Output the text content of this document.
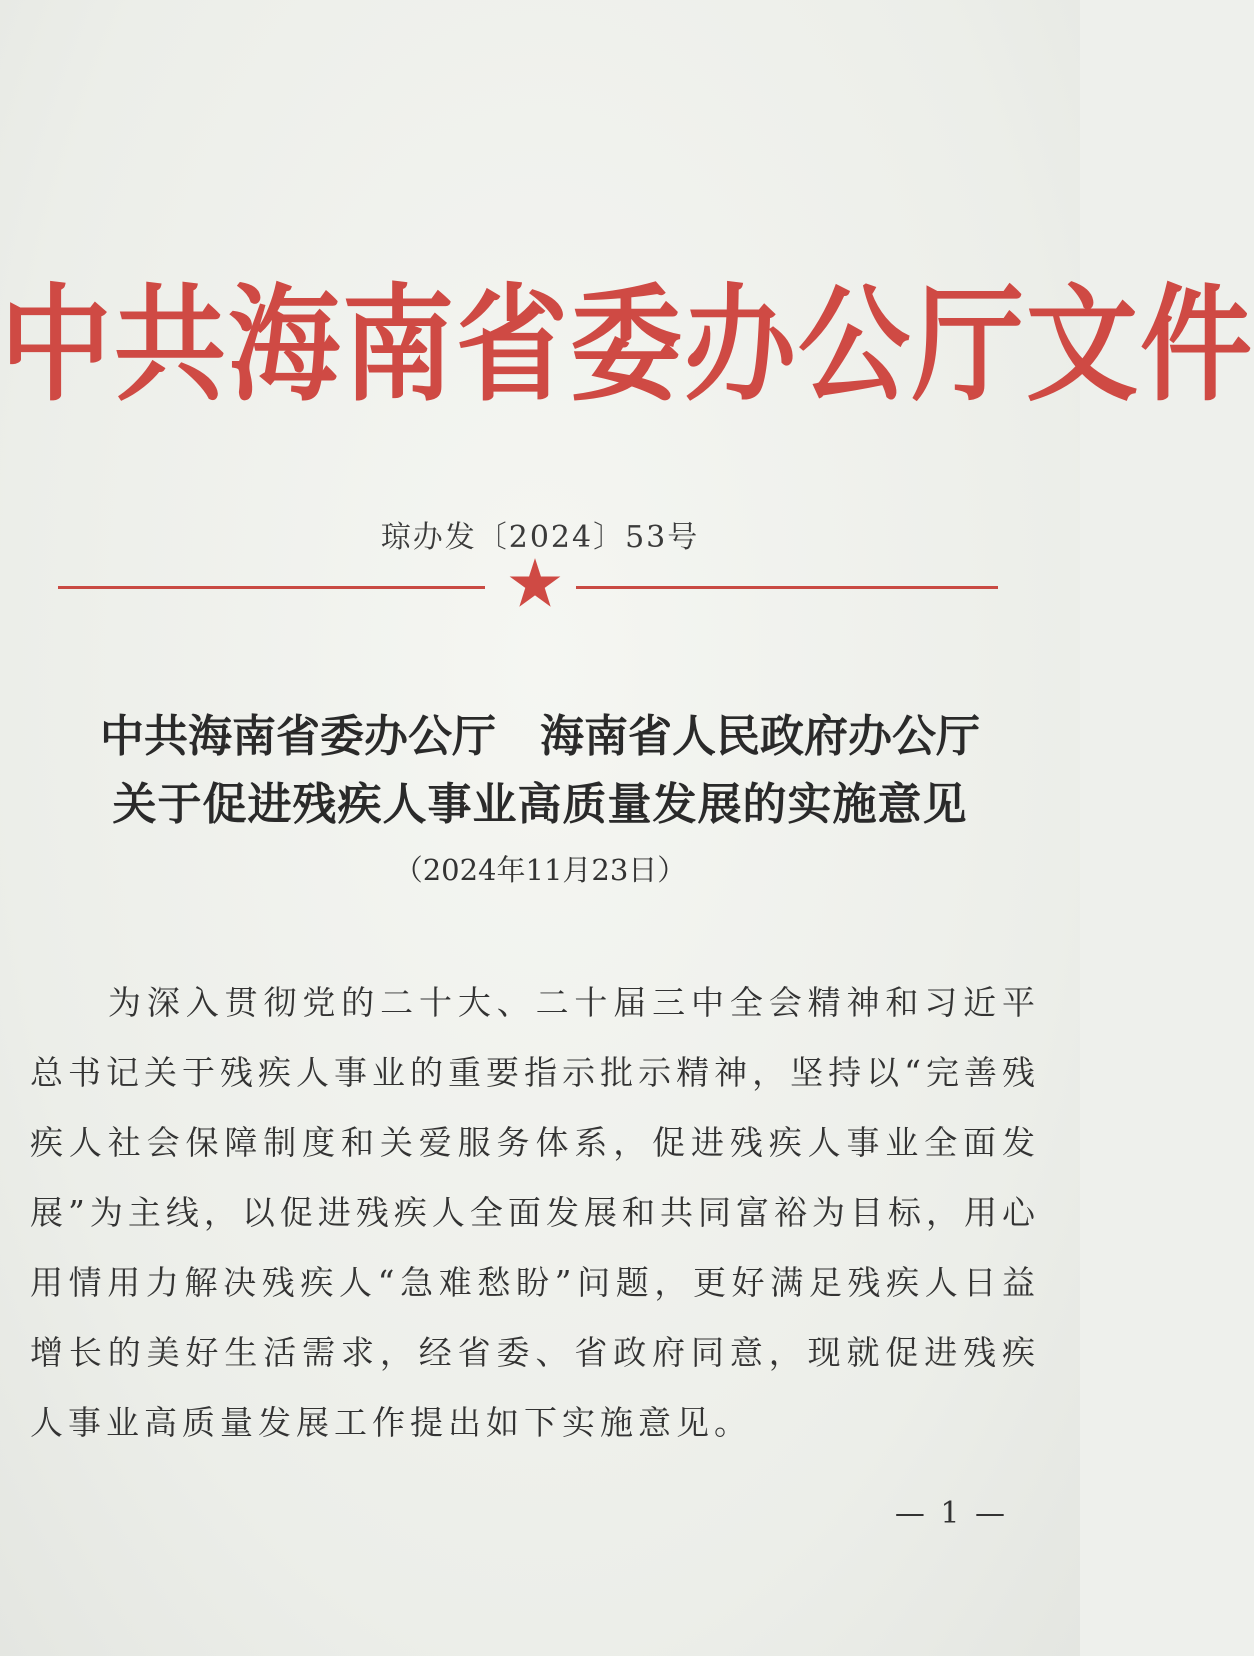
中共海南省委办公厅文件
琼办发〔2024〕53号
中共海南省委办公厅　海南省人民政府办公厅
关于促进残疾人事业高质量发展的实施意见
（2024年11月23日）
为深入贯彻党的二十大、二十届三中全会精神和习近平总书记关于残疾人事业的重要指示批示精神，坚持以“完善残疾人社会保障制度和关爱服务体系，促进残疾人事业全面发展”为主线，以促进残疾人全面发展和共同富裕为目标，用心用情用力解决残疾人“急难愁盼”问题，更好满足残疾人日益增长的美好生活需求，经省委、省政府同意，现就促进残疾人事业高质量发展工作提出如下实施意见。
— 1 —
